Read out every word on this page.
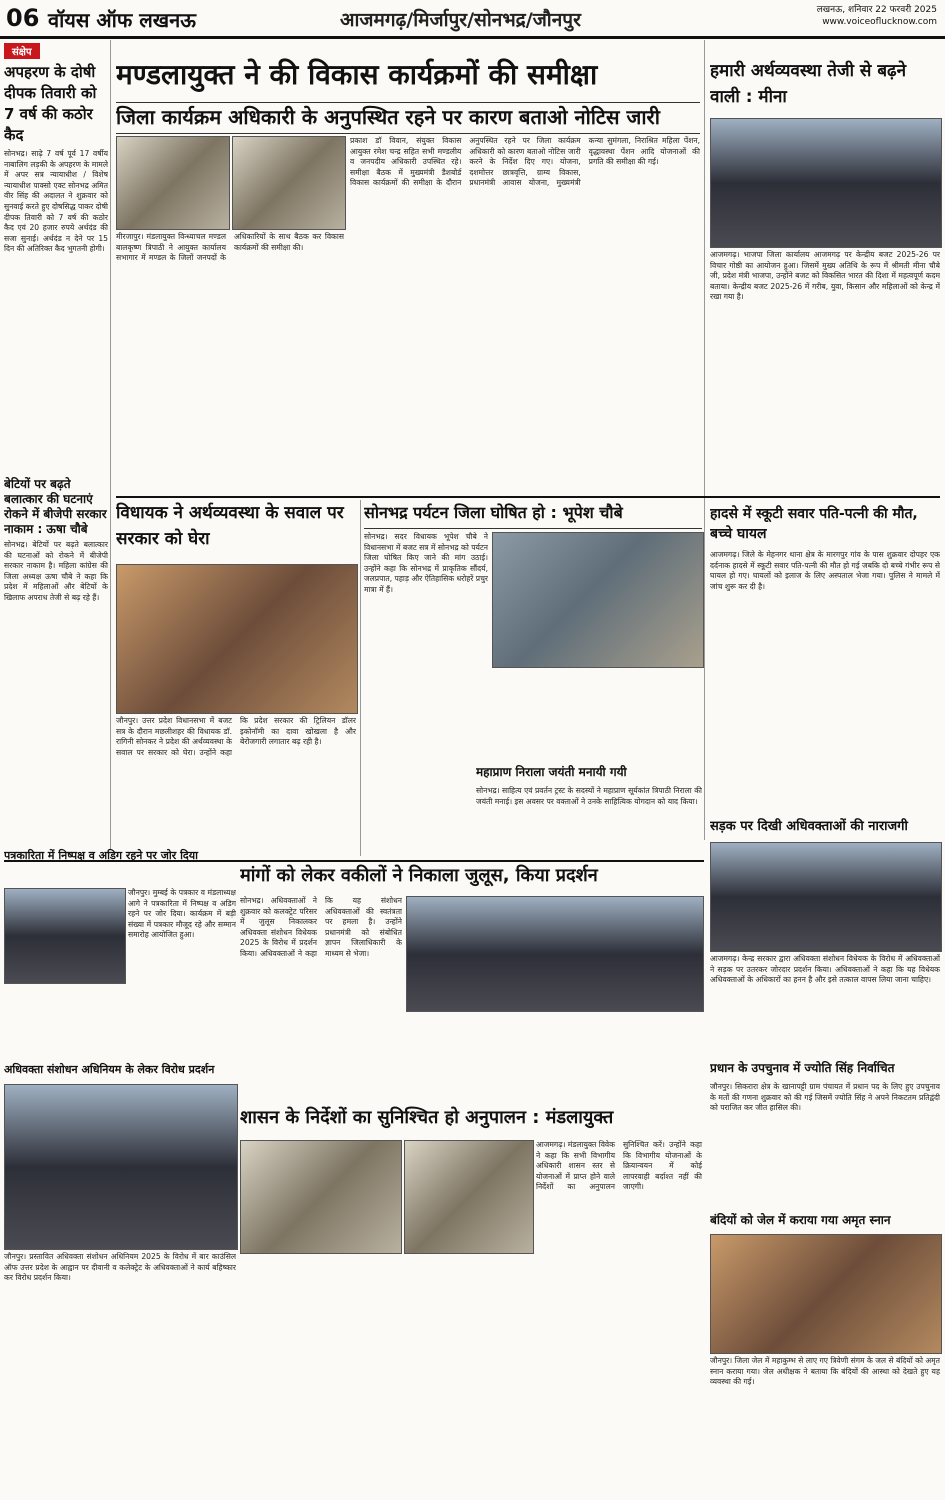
06 वॉयस ऑफ लखनऊ	आजमगढ़/मिर्जापुर/सोनभद्र/जौनपुर	लखनऊ, शनिवार 22 फरवरी 2025
www.voiceoflucknow.com
संक्षेप
अपहरण के दोषी दीपक तिवारी को 7 वर्ष की कठोर कैद

सोनभद्र। साढ़े 7 वर्ष पूर्व 17 वर्षीय नाबालिग लड़की के अपहरण के मामले में अपर सत्र न्यायाधीश / विशेष न्यायाधीश पाक्सो एक्ट सोनभद्र अमित वीर सिंह की अदालत ने शुक्रवार को सुनवाई करते हुए दोषसिद्ध पाकर दोषी दीपक तिवारी को 7 वर्ष की कठोर कैद एवं 20 हजार रुपये अर्थदंड की सजा सुनाई। अर्थदंड न देने पर 15 दिन की अतिरिक्त कैद भुगतनी होगी।

बेटियों पर बढ़ते बलात्कार की घटनाएं रोकने में बीजेपी सरकार नाकाम : ऊषा चौबे

सोनभद्र। बेटियों पर बढ़ते बलात्कार की घटनाओं को रोकने में बीजेपी सरकार नाकाम है। महिला कांग्रेस की जिला अध्यक्ष ऊषा चौबे ने कहा कि प्रदेश में महिलाओं और बेटियों के खिलाफ अपराध तेजी से बढ़ रहे हैं।

मण्डलायुक्त ने की विकास कार्यक्रमों की समीक्षा
जिला कार्यक्रम अधिकारी के अनुपस्थित रहने पर कारण बताओ नोटिस जारी

मीरजापुर। मंडलायुक्त विन्ध्याचल मण्डल बालकृष्ण त्रिपाठी ने आयुक्त कार्यालय सभागार में मण्डल के जिलों जनपदों के अधिकारियों के साथ बैठक कर विकास कार्यक्रमों की समीक्षा की।

प्रकाश डाॅ विवान, संयुक्त विकास आयुक्त रमेश चन्द्र सहित सभी मण्डलीय व जनपदीय अधिकारी उपस्थित रहे। समीक्षा बैठक में मुख्यमंत्री डैशबोर्ड विकास कार्यक्रमों की समीक्षा के दौरान अनुपस्थित रहने पर जिला कार्यक्रम अधिकारी को कारण बताओ नोटिस जारी करने के निर्देश दिए गए। योजना, दशमोत्तर छात्रवृत्ति, ग्राम्य विकास, प्रधानमंत्री आवास योजना, मुख्यमंत्री कन्या सुमंगला, निराश्रित महिला पेंशन, वृद्धावस्था पेंशन आदि योजनाओं की प्रगति की समीक्षा की गई।

हमारी अर्थव्यवस्था तेजी से बढ़ने वाली : मीना

आजमगढ़। भाजपा जिला कार्यालय आजमगढ़ पर केन्द्रीय बजट 2025-26 पर विचार गोष्ठी का आयोजन हुआ। जिसमें मुख्य अतिथि के रूप में श्रीमती मीना चौबे जी, प्रदेश मंत्री भाजपा, उन्होंने बजट को विकसित भारत की दिशा में महत्वपूर्ण कदम बताया। केन्द्रीय बजट 2025-26 में गरीब, युवा, किसान और महिलाओं को केन्द्र में रखा गया है।

विधायक ने अर्थव्यवस्था के सवाल पर सरकार को घेरा

जौनपुर। उत्तर प्रदेश विधानसभा में बजट सत्र के दौरान मछलीशहर की विधायक डॉ. रागिनी सोनकर ने प्रदेश की अर्थव्यवस्था के सवाल पर सरकार को घेरा। उन्होंने कहा कि प्रदेश सरकार की ट्रिलियन डॉलर इकोनॉमी का दावा खोखला है और बेरोजगारी लगातार बढ़ रही है।

सोनभद्र पर्यटन जिला घोषित हो : भूपेश चौबे

सोनभद्र। सदर विधायक भूपेश चौबे ने विधानसभा में बजट सत्र में सोनभद्र को पर्यटन जिला घोषित किए जाने की मांग उठाई। उन्होंने कहा कि सोनभद्र में प्राकृतिक सौंदर्य, जलप्रपात, पहाड़ और ऐतिहासिक धरोहरें प्रचुर मात्रा में हैं।

महाप्राण निराला जयंती मनायी गयी

सोनभद्र। साहित्य एवं प्रवर्तन ट्रस्ट के सदस्यों ने महाप्राण सूर्यकांत त्रिपाठी निराला की जयंती मनाई। इस अवसर पर वक्ताओं ने उनके साहित्यिक योगदान को याद किया।

हादसे में स्कूटी सवार पति-पत्नी की मौत, बच्चे घायल

आजमगढ़। जिले के मेहनगर थाना क्षेत्र के मारगपुर गांव के पास शुक्रवार दोपहर एक दर्दनाक हादसे में स्कूटी सवार पति-पत्नी की मौत हो गई जबकि दो बच्चे गंभीर रूप से घायल हो गए। घायलों को इलाज के लिए अस्पताल भेजा गया। पुलिस ने मामले में जांच शुरू कर दी है।

पत्रकारिता में निष्पक्ष व अडिग रहने पर जोर दिया

जौनपुर। मुम्बई के पत्रकार व मंडलाध्यक्ष आगे ने पत्रकारिता में निष्पक्ष व अडिग रहने पर जोर दिया। कार्यक्रम में बड़ी संख्या में पत्रकार मौजूद रहे और सम्मान समारोह आयोजित हुआ।

सड़क पर दिखी अधिवक्ताओं की नाराजगी

आजमगढ़। केन्द्र सरकार द्वारा अधिवक्ता संशोधन विधेयक के विरोध में अधिवक्ताओं ने सड़क पर उतरकर जोरदार प्रदर्शन किया। अधिवक्ताओं ने कहा कि यह विधेयक अधिवक्ताओं के अधिकारों का हनन है और इसे तत्काल वापस लिया जाना चाहिए।

मांगों को लेकर वकीलों ने निकाला जुलूस, किया प्रदर्शन

सोनभद्र। अधिवक्ताओं ने शुक्रवार को कलक्ट्रेट परिसर में जुलूस निकालकर अधिवक्ता संशोधन विधेयक 2025 के विरोध में प्रदर्शन किया। अधिवक्ताओं ने कहा कि यह संशोधन अधिवक्ताओं की स्वतंत्रता पर हमला है। उन्होंने प्रधानमंत्री को संबोधित ज्ञापन जिलाधिकारी के माध्यम से भेजा।

प्रधान के उपचुनाव में ज्योति सिंह निर्वाचित

जौनपुर। सिकरारा क्षेत्र के खानापट्टी ग्राम पंचायत में प्रधान पद के लिए हुए उपचुनाव के मतों की गणना शुक्रवार को की गई जिसमें ज्योति सिंह ने अपने निकटतम प्रतिद्वंदी को पराजित कर जीत हासिल की।

अधिवक्ता संशोधन अधिनियम के लेकर विरोध प्रदर्शन

जौनपुर। प्रस्तावित अधिवक्ता संशोधन अधिनियम 2025 के विरोध में बार काउंसिल ऑफ उत्तर प्रदेश के आह्वान पर दीवानी व कलेक्ट्रेट के अधिवक्ताओं ने कार्य बहिष्कार कर विरोध प्रदर्शन किया।

शासन के निर्देशों का सुनिश्चित हो अनुपालन : मंडलायुक्त

आजमगढ़। मंडलायुक्त विवेक ने कहा कि सभी विभागीय अधिकारी शासन स्तर से योजनाओं में प्राप्त होने वाले निर्देशों का अनुपालन सुनिश्चित करें। उन्होंने कहा कि विभागीय योजनाओं के क्रियान्वयन में कोई लापरवाही बर्दाश्त नहीं की जाएगी।

बंदियों को जेल में कराया गया अमृत स्नान

जौनपुर। जिला जेल में महाकुम्भ से लाए गए त्रिवेणी संगम के जल से बंदियों को अमृत स्नान कराया गया। जेल अधीक्षक ने बताया कि बंदियों की आस्था को देखते हुए यह व्यवस्था की गई।
